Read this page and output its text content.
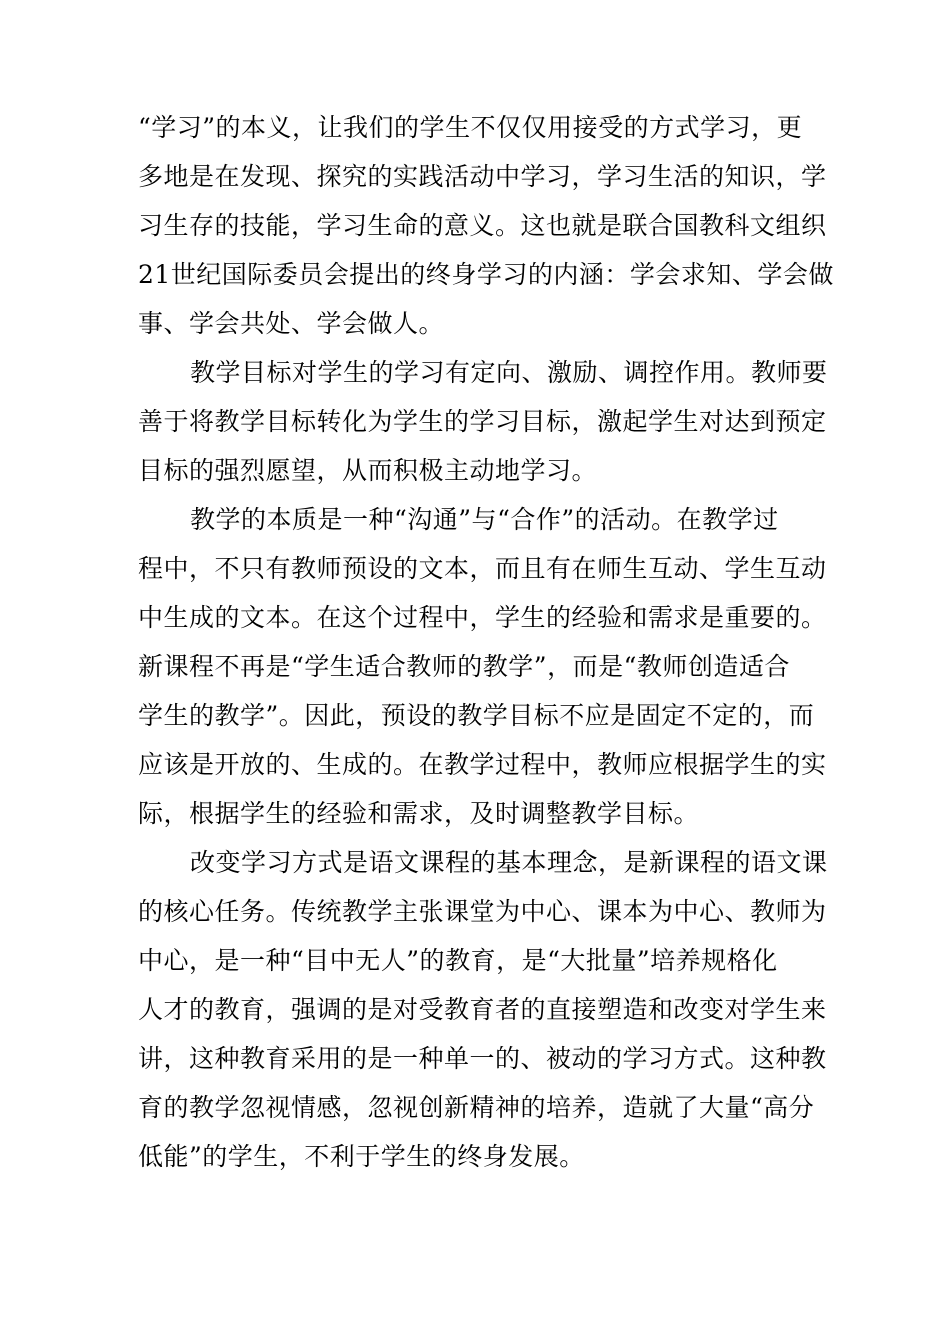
“学习”的本义，让我们的学生不仅仅用接受的方式学习，更
多地是在发现、探究的实践活动中学习，学习生活的知识，学
习生存的技能，学习生命的意义。这也就是联合国教科文组织
21世纪国际委员会提出的终身学习的内涵：学会求知、学会做
事、学会共处、学会做人。

教学目标对学生的学习有定向、激励、调控作用。教师要
善于将教学目标转化为学生的学习目标，激起学生对达到预定
目标的强烈愿望，从而积极主动地学习。

教学的本质是一种“沟通”与“合作”的活动。在教学过
程中，不只有教师预设的文本，而且有在师生互动、学生互动
中生成的文本。在这个过程中，学生的经验和需求是重要的。
新课程不再是“学生适合教师的教学”，而是“教师创造适合
学生的教学”。因此，预设的教学目标不应是固定不定的，而
应该是开放的、生成的。在教学过程中，教师应根据学生的实
际，根据学生的经验和需求，及时调整教学目标。

改变学习方式是语文课程的基本理念，是新课程的语文课
的核心任务。传统教学主张课堂为中心、课本为中心、教师为
中心，是一种“目中无人”的教育，是“大批量”培养规格化
人才的教育，强调的是对受教育者的直接塑造和改变对学生来
讲，这种教育采用的是一种单一的、被动的学习方式。这种教
育的教学忽视情感，忽视创新精神的培养，造就了大量“高分
低能”的学生，不利于学生的终身发展。
